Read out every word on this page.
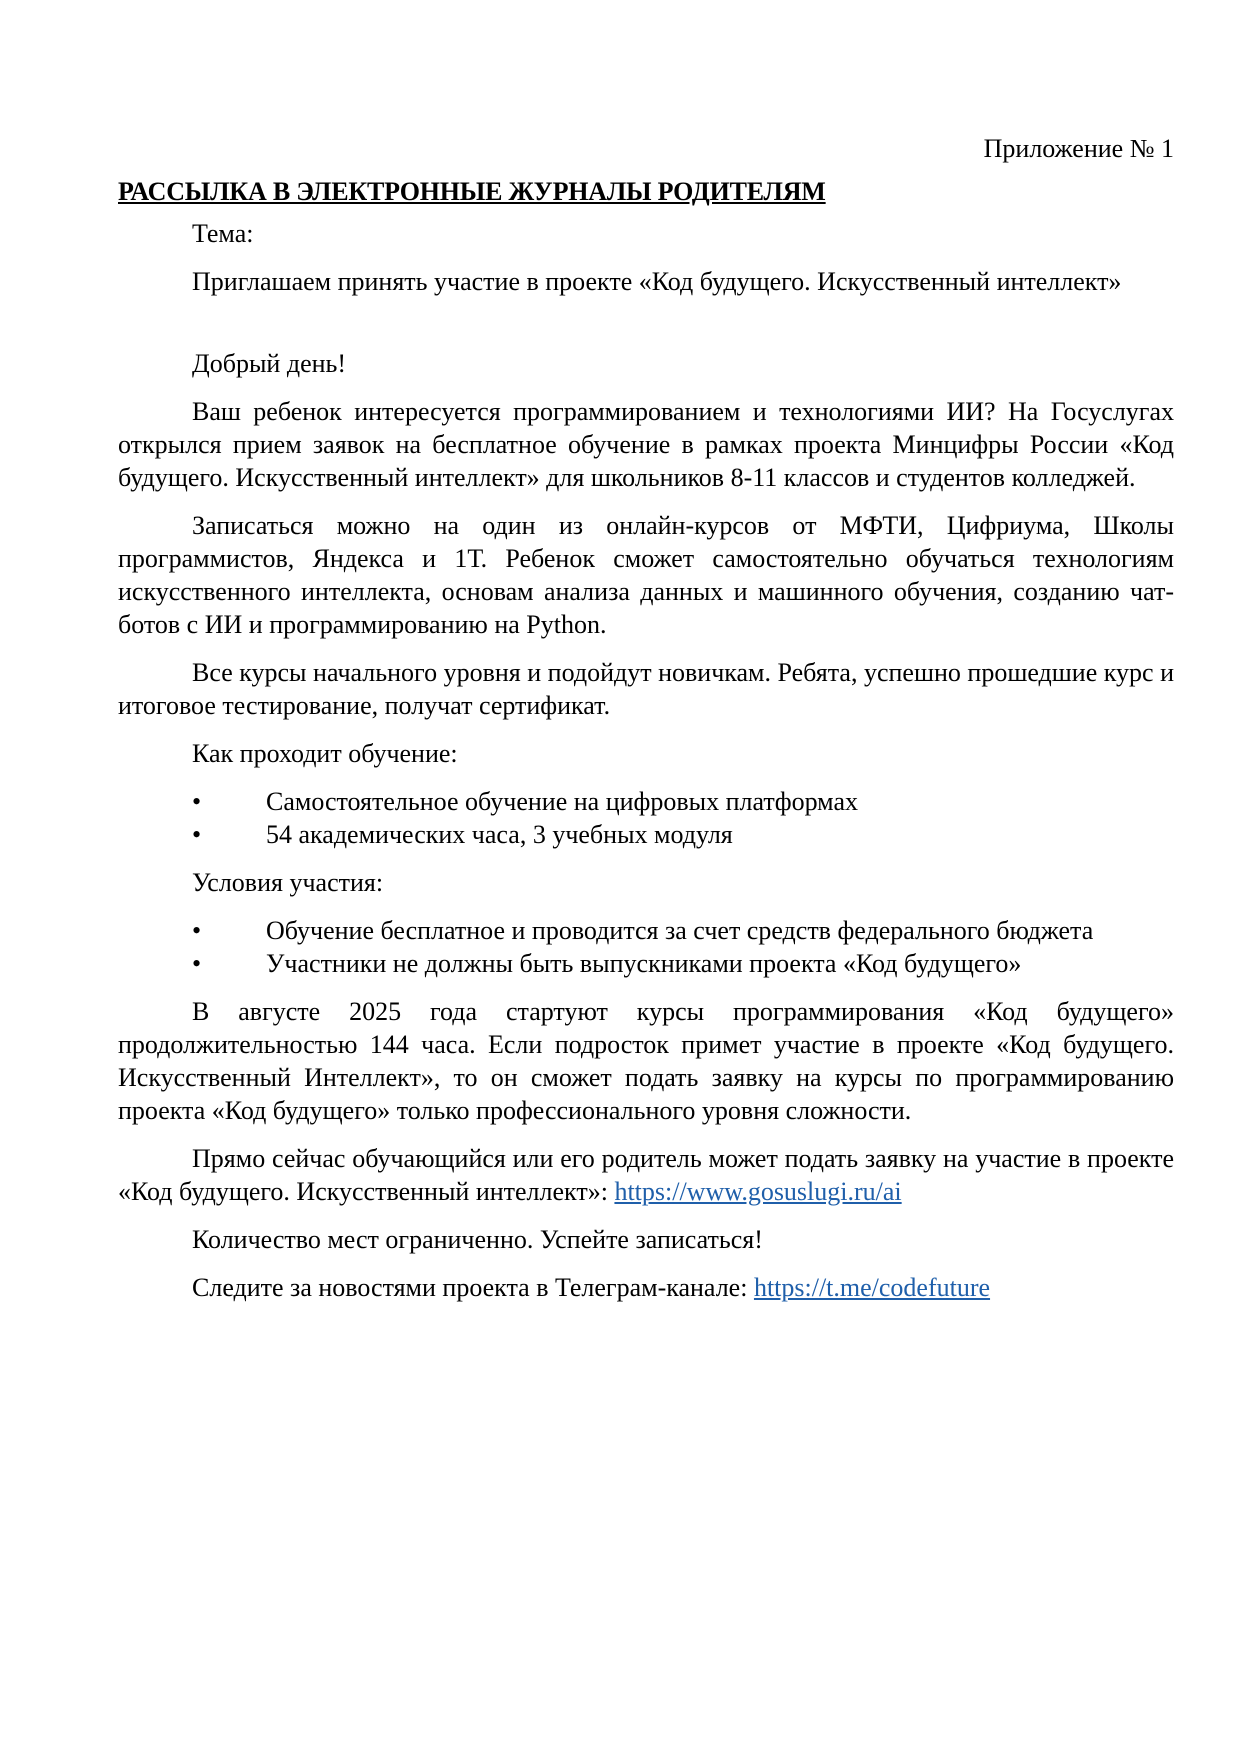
Приложение № 1
РАССЫЛКА В ЭЛЕКТРОННЫЕ ЖУРНАЛЫ РОДИТЕЛЯМ
Тема:
Приглашаем принять участие в проекте «Код будущего. Искусственный интеллект»
Добрый день!
Ваш ребенок интересуется программированием и технологиями ИИ? На Госуслугах открылся прием заявок на бесплатное обучение в рамках проекта Минцифры России «Код будущего. Искусственный интеллект» для школьников 8-11 классов и студентов колледжей.
Записаться можно на один из онлайн-курсов от МФТИ, Цифриума, Школы программистов, Яндекса и 1Т. Ребенок сможет самостоятельно обучаться технологиям искусственного интеллекта, основам анализа данных и машинного обучения, созданию чат-ботов с ИИ и программированию на Python.
Все курсы начального уровня и подойдут новичкам. Ребята, успешно прошедшие курс и итоговое тестирование, получат сертификат.
Как проходит обучение:
• Самостоятельное обучение на цифровых платформах
• 54 академических часа, 3 учебных модуля
Условия участия:
• Обучение бесплатное и проводится за счет средств федерального бюджета
• Участники не должны быть выпускниками проекта «Код будущего»
В августе 2025 года стартуют курсы программирования «Код будущего» продолжительностью 144 часа. Если подросток примет участие в проекте «Код будущего. Искусственный Интеллект», то он сможет подать заявку на курсы по программированию проекта «Код будущего» только профессионального уровня сложности.
Прямо сейчас обучающийся или его родитель может подать заявку на участие в проекте «Код будущего. Искусственный интеллект»: https://www.gosuslugi.ru/ai
Количество мест ограниченно. Успейте записаться!
Следите за новостями проекта в Телеграм-канале: https://t.me/codefuture
